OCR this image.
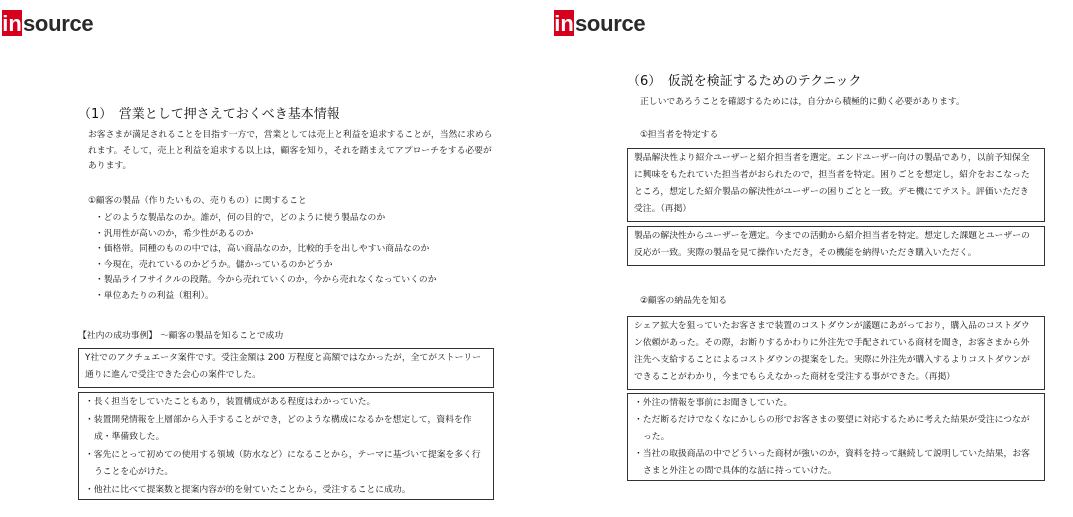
in source
（1）　営業として押さえておくべき基本情報
お客さまが満足されることを目指す一方で，営業としては売上と利益を追求することが，当然に求められます。そして，売上と利益を追求する以上は，顧客を知り，それを踏まえてアプローチをする必要があります。
①顧客の製品（作りたいもの、売りもの）に関すること
・どのような製品なのか。誰が，何の目的で，どのように使う製品なのか
・汎用性が高いのか，希少性があるのか
・価格帯。同種のものの中では，高い商品なのか，比較的手を出しやすい商品なのか
・今現在，売れているのかどうか。儲かっているのかどうか
・製品ライフサイクルの段階。今から売れていくのか，今から売れなくなっていくのか
・単位あたりの利益（粗利）。
【社内の成功事例】 ～顧客の製品を知ることで成功

Y社でのアクチュエータ案件です。受注金額は 200 万程度と高額ではなかったが，全てがストーリー通りに進んで受注できた会心の案件でした。

・長く担当をしていたこともあり，装置構成がある程度はわかっていた。
・装置開発情報を上層部から入手することができ，どのような構成になるかを想定して，資料を作成・準備致した。
・客先にとって初めての使用する領域（防水など）になることから，テーマに基づいて提案を多く行うことを心がけた。
・他社に比べて提案数と提案内容が的を射ていたことから，受注することに成功。
in source
（6）　仮説を検証するためのテクニック
正しいであろうことを確認するためには，自分から積極的に動く必要があります。
①担当者を特定する

製品解決性より紹介ユーザーと紹介担当者を選定。エンドユーザー向けの製品であり，以前予知保全に興味をもたれていた担当者がおられたので，担当者を特定。困りごとを想定し，紹介をおこなったところ，想定した紹介製品の解決性がユーザーの困りごとと一致。デモ機にてテスト。評価いただき受注。（再掲）

製品の解決性からユーザーを選定。今までの活動から紹介担当者を特定。想定した課題とユーザーの反応が一致。実際の製品を見て操作いただき，その機能を納得いただき購入いただく。

②顧客の納品先を知る

シェア拡大を狙っていたお客さまで装置のコストダウンが議題にあがっており，購入品のコストダウン依頼があった。その際，お断りするかわりに外注先で手配されている商材を聞き，お客さまから外注先へ支給することによるコストダウンの提案をした。実際に外注先が購入するよりコストダウンができることがわかり，今までもらえなかった商材を受注する事ができた。（再掲）

・外注の情報を事前にお聞きしていた。
・ただ断るだけでなくなにかしらの形でお客さまの要望に対応するために考えた結果が受注につながった。
・当社の取扱商品の中でどういった商材が強いのか，資料を持って継続して説明していた結果，お客さまと外注との間で具体的な話に持っていけた。
